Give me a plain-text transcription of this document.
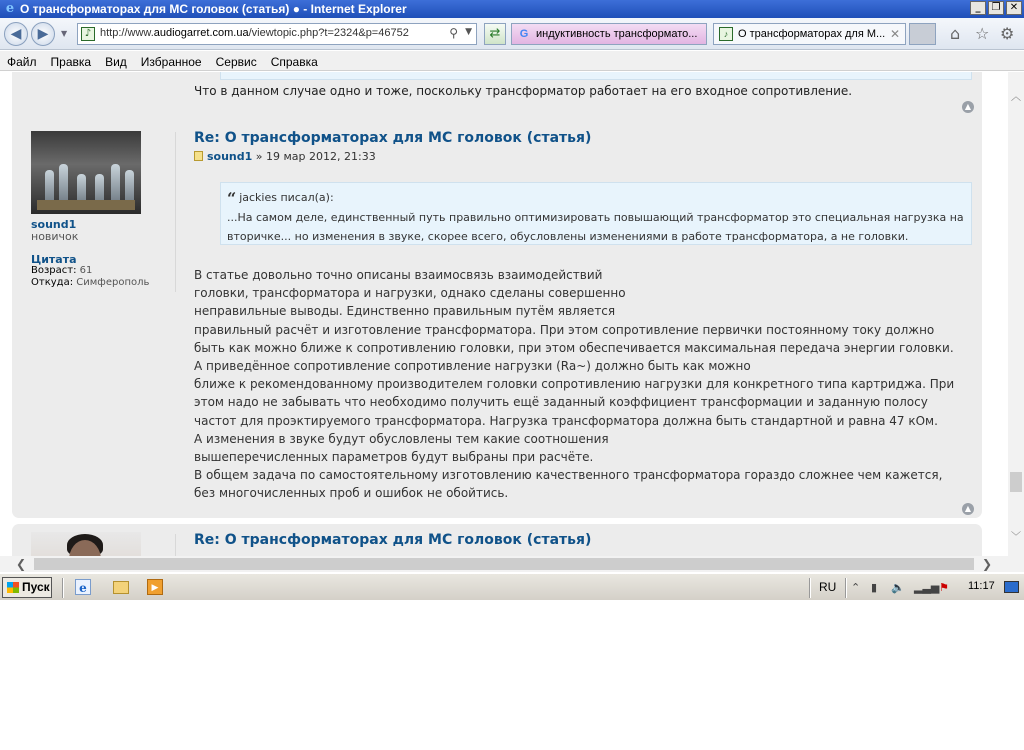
e О трансформаторах для МС головок (статья) ● - Internet Explorer	_	❐ ✕
◀	▶	▼	♪ http://www.audiogarret.com.ua/viewtopic.php?t=2324&p=46752	⚲ ▼	⇄	G индуктивность трансформато...	♪ О трансформаторах для М... ✕	⌂ ☆ ⚙
Файл	Правка	Вид	Избранное	Сервис	Справка
Что в данном случае одно и тоже, поскольку трансформатор работает на его входное сопротивление.
▲
sound1
новичок
Цитата
Возраст: 61
Откуда: Симферополь
Re: О трансформаторах для МС головок (статья)
sound1 » 19 мар 2012, 21:33
“ jackies писал(а):
...На самом деле, единственный путь правильно оптимизировать повышающий трансформатор это специальная нагрузка на вторичке... но изменения в звуке, скорее всего, обусловлены изменениями в работе трансформатора, а не головки.

В статье довольно точно описаны взаимосвязь взаимодействий
головки, трансформатора и нагрузки, однако сделаны совершенно
неправильные выводы. Единственно правильным путём является
правильный расчёт и изготовление трансформатора. При этом сопротивление первички постоянному току должно быть как можно ближе к сопротивлению головки, при этом обеспечивается максимальная передача энергии головки. А приведённое сопротивление сопротивление нагрузки (Ra~) должно быть как можно
ближе к рекомендованному производителем головки сопротивлению нагрузки для конкретного типа картриджа. При этом надо не забывать что необходимо получить ещё заданный коэффициент трансформации и заданную полосу частот для проэктируемого трансформатора. Нагрузка трансформатора должна быть стандартной и равна 47 кОм.
А изменения в звуке будут обусловлены тем какие соотношения
вышеперечисленных параметров будут выбраны при расчёте.
В общем задача по самостоятельному изготовлению качественного трансформатора гораздо сложнее чем кажется, без многочисленных проб и ошибок не обойтись.

▲
Re: О трансформаторах для МС головок (статья)
︿
﹀
❮	❯
Пуск	e	▶	RU ⌃ ▮ 🔈 ▂▃▅ ⚑ 11:17
